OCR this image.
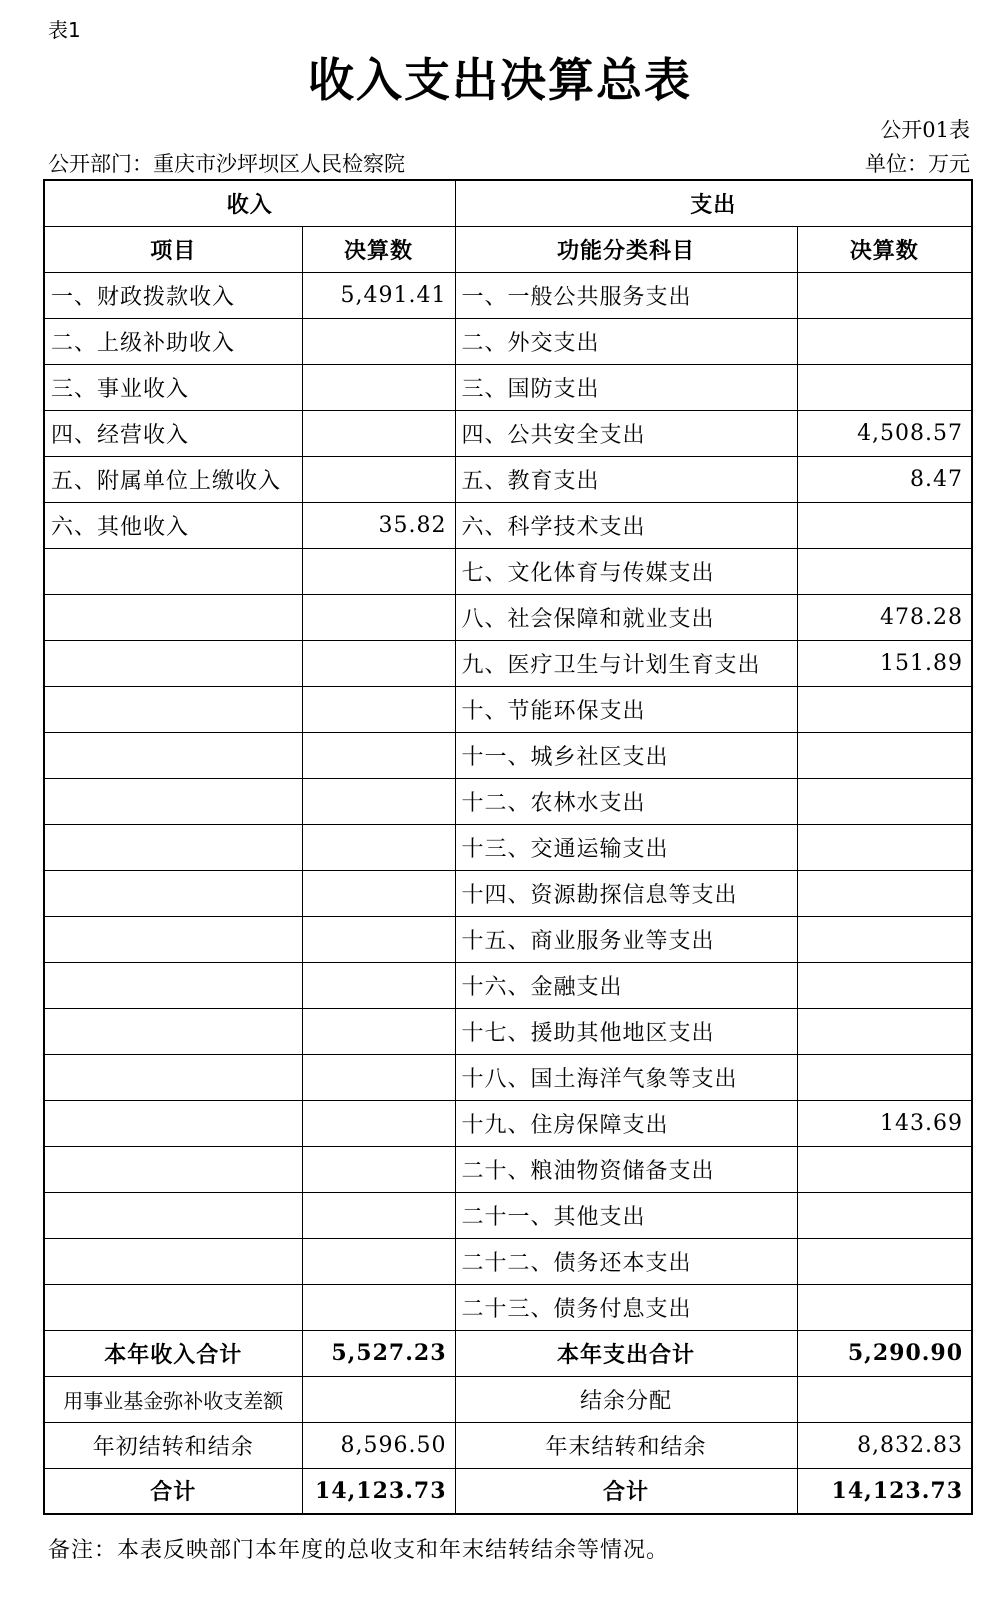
表1
收入支出决算总表
公开01表
公开部门：重庆市沙坪坝区人民检察院	单位：万元
收入		支出	
项目	决算数	功能分类科目	决算数
一、财政拨款收入	5,491.41	一、一般公共服务支出	
二、上级补助收入		二、外交支出	
三、事业收入		三、国防支出	
四、经营收入		四、公共安全支出	4,508.57
五、附属单位上缴收入		五、教育支出	8.47
六、其他收入	35.82	六、科学技术支出	
		七、文化体育与传媒支出	
		八、社会保障和就业支出	478.28
		九、医疗卫生与计划生育支出	151.89
		十、节能环保支出	
		十一、城乡社区支出	
		十二、农林水支出	
		十三、交通运输支出	
		十四、资源勘探信息等支出	
		十五、商业服务业等支出	
		十六、金融支出	
		十七、援助其他地区支出	
		十八、国土海洋气象等支出	
		十九、住房保障支出	143.69
		二十、粮油物资储备支出	
		二十一、其他支出	
		二十二、债务还本支出	
		二十三、债务付息支出	
本年收入合计	5,527.23	本年支出合计	5,290.90
用事业基金弥补收支差额		结余分配	
年初结转和结余	8,596.50	年末结转和结余	8,832.83
合计	14,123.73	合计	14,123.73
备注：本表反映部门本年度的总收支和年末结转结余等情况。
